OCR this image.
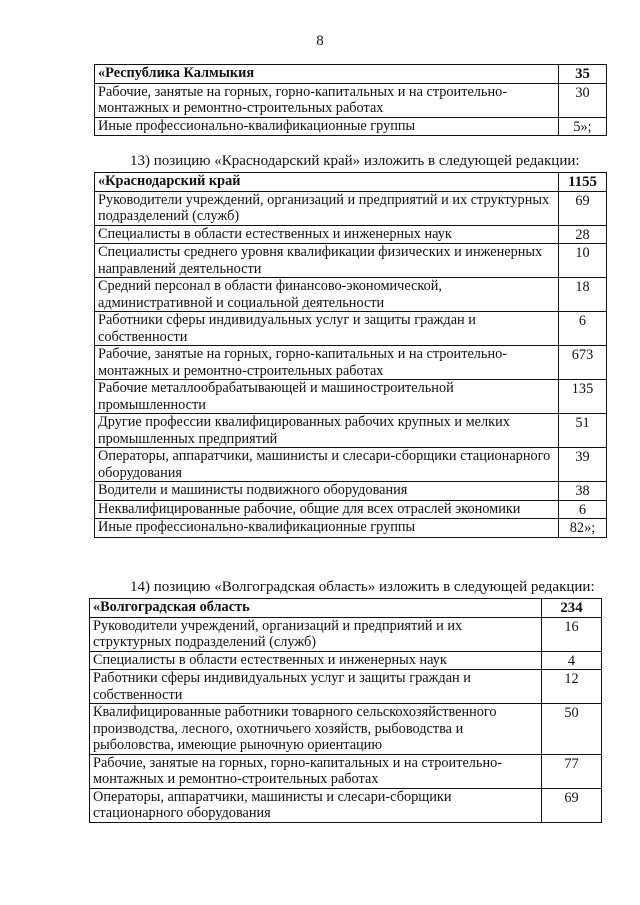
8
«Республика Калмыкия	35
Рабочие, занятые на горных, горно-капитальных и на строительно-монтажных и ремонтно-строительных работах	30
Иные профессионально-квалификационные группы	5»;
13) позицию «Краснодарский край» изложить в следующей редакции:
«Краснодарский край	1155
Руководители учреждений, организаций и предприятий и их структурных подразделений (служб)	69
Специалисты в области естественных и инженерных наук	28
Специалисты среднего уровня квалификации физических и инженерных направлений деятельности	10
Средний персонал в области финансово-экономической, административной и социальной деятельности	18
Работники сферы индивидуальных услуг и защиты граждан и собственности	6
Рабочие, занятые на горных, горно-капитальных и на строительно-монтажных и ремонтно-строительных работах	673
Рабочие металлообрабатывающей и машиностроительной промышленности	135
Другие профессии квалифицированных рабочих крупных и мелких промышленных предприятий	51
Операторы, аппаратчики, машинисты и слесари-сборщики стационарного оборудования	39
Водители и машинисты подвижного оборудования	38
Неквалифицированные рабочие, общие для всех отраслей экономики	6
Иные профессионально-квалификационные группы	82»;
14) позицию «Волгоградская область» изложить в следующей редакции:
«Волгоградская область	234
Руководители учреждений, организаций и предприятий и их структурных подразделений (служб)	16
Специалисты в области естественных и инженерных наук	4
Работники сферы индивидуальных услуг и защиты граждан и собственности	12
Квалифицированные работники товарного сельскохозяйственного производства, лесного, охотничьего хозяйств, рыбоводства и рыболовства, имеющие рыночную ориентацию	50
Рабочие, занятые на горных, горно-капитальных и на строительно-монтажных и ремонтно-строительных работах	77
Операторы, аппаратчики, машинисты и слесари-сборщики стационарного оборудования	69
